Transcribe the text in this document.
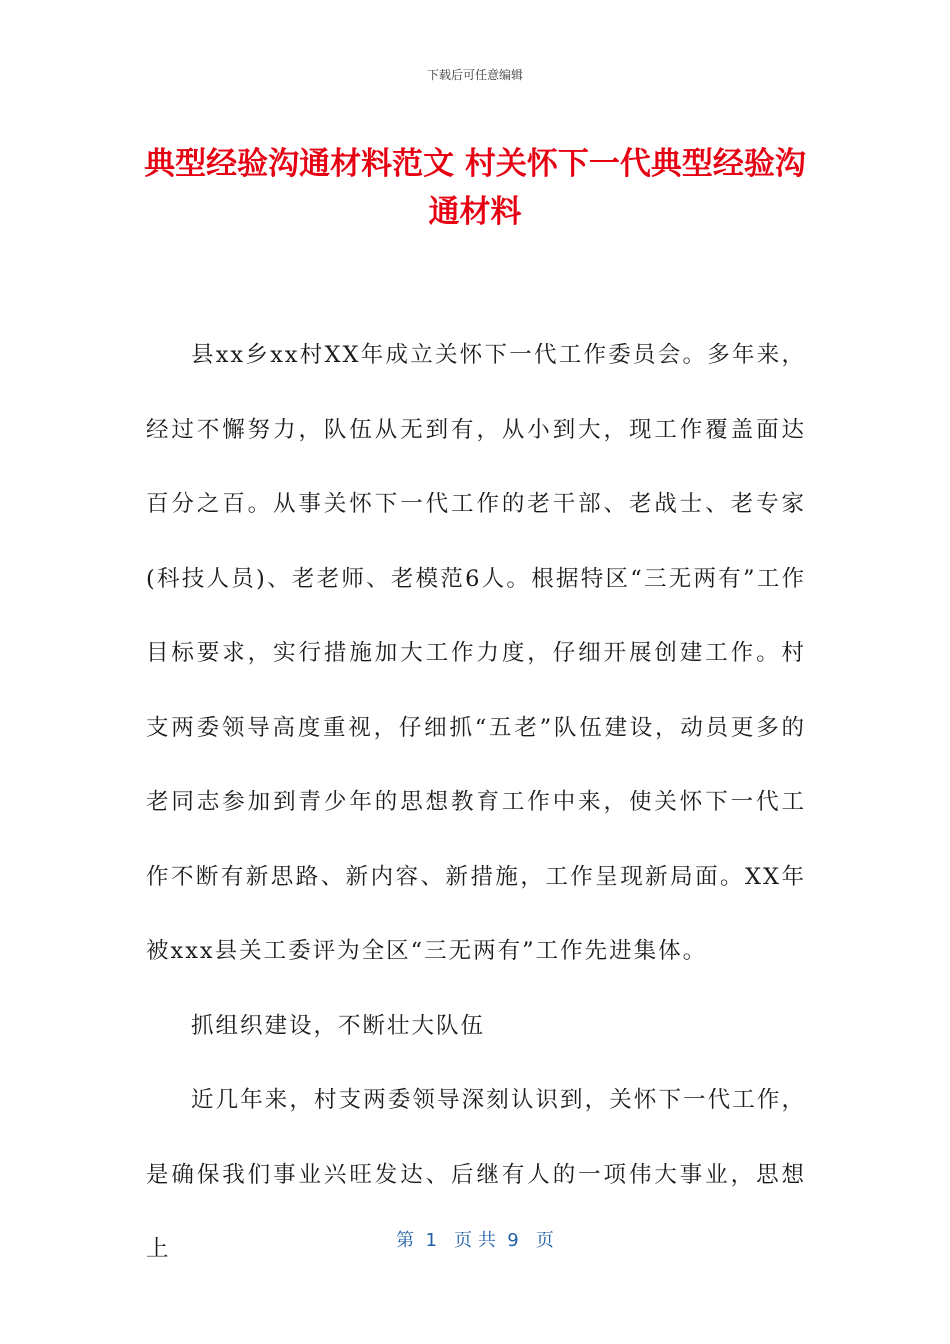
下载后可任意编辑
典型经验沟通材料范文 村关怀下一代典型经验沟通材料

县xx乡xx村XX年成立关怀下一代工作委员会。多年来，经过不懈努力，队伍从无到有，从小到大，现工作覆盖面达百分之百。从事关怀下一代工作的老干部、老战士、老专家(科技人员)、老老师、老模范6人。根据特区“三无两有”工作目标要求，实行措施加大工作力度，仔细开展创建工作。村支两委领导高度重视，仔细抓“五老”队伍建设，动员更多的老同志参加到青少年的思想教育工作中来，使关怀下一代工作不断有新思路、新内容、新措施，工作呈现新局面。XX年被xxx县关工委评为全区“三无两有”工作先进集体。

抓组织建设，不断壮大队伍

近几年来，村支两委领导深刻认识到，关怀下一代工作，是确保我们事业兴旺发达、后继有人的一项伟大事业，思想上	第  1   页 共  9   页
